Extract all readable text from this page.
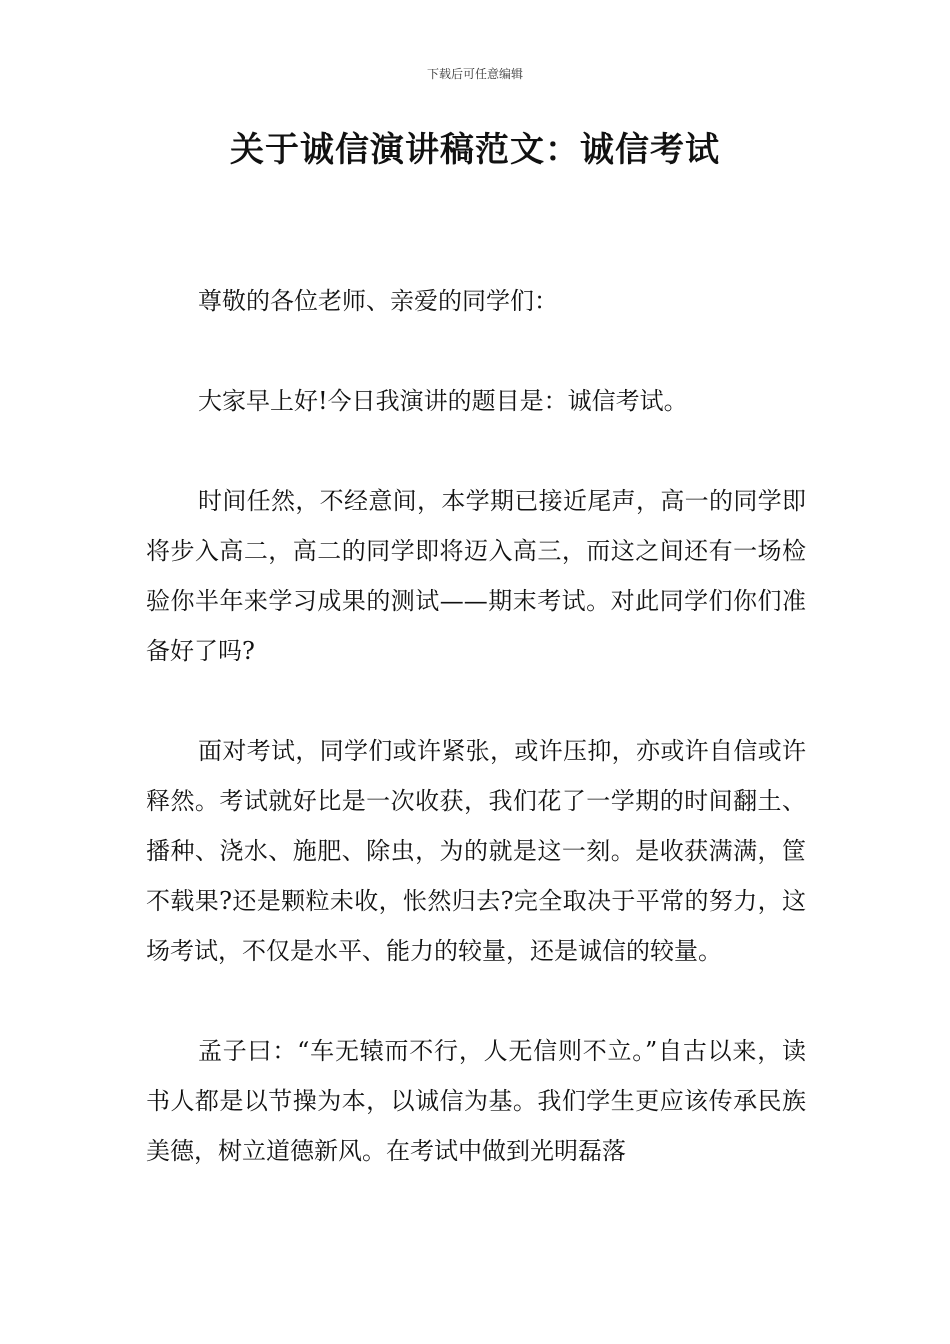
下载后可任意编辑
关于诚信演讲稿范文：诚信考试

尊敬的各位老师、亲爱的同学们：

大家早上好!今日我演讲的题目是：诚信考试。

时间任然，不经意间，本学期已接近尾声，高一的同学即将步入高二，高二的同学即将迈入高三，而这之间还有一场检验你半年来学习成果的测试——期末考试。对此同学们你们准备好了吗?

面对考试，同学们或许紧张，或许压抑，亦或许自信或许释然。考试就好比是一次收获，我们花了一学期的时间翻土、播种、浇水、施肥、除虫，为的就是这一刻。是收获满满，筐不载果?还是颗粒未收，怅然归去?完全取决于平常的努力，这场考试，不仅是水平、能力的较量，还是诚信的较量。

孟子曰：“车无辕而不行，人无信则不立。”自古以来，读书人都是以节操为本，以诚信为基。我们学生更应该传承民族美德，树立道德新风。在考试中做到光明磊落
